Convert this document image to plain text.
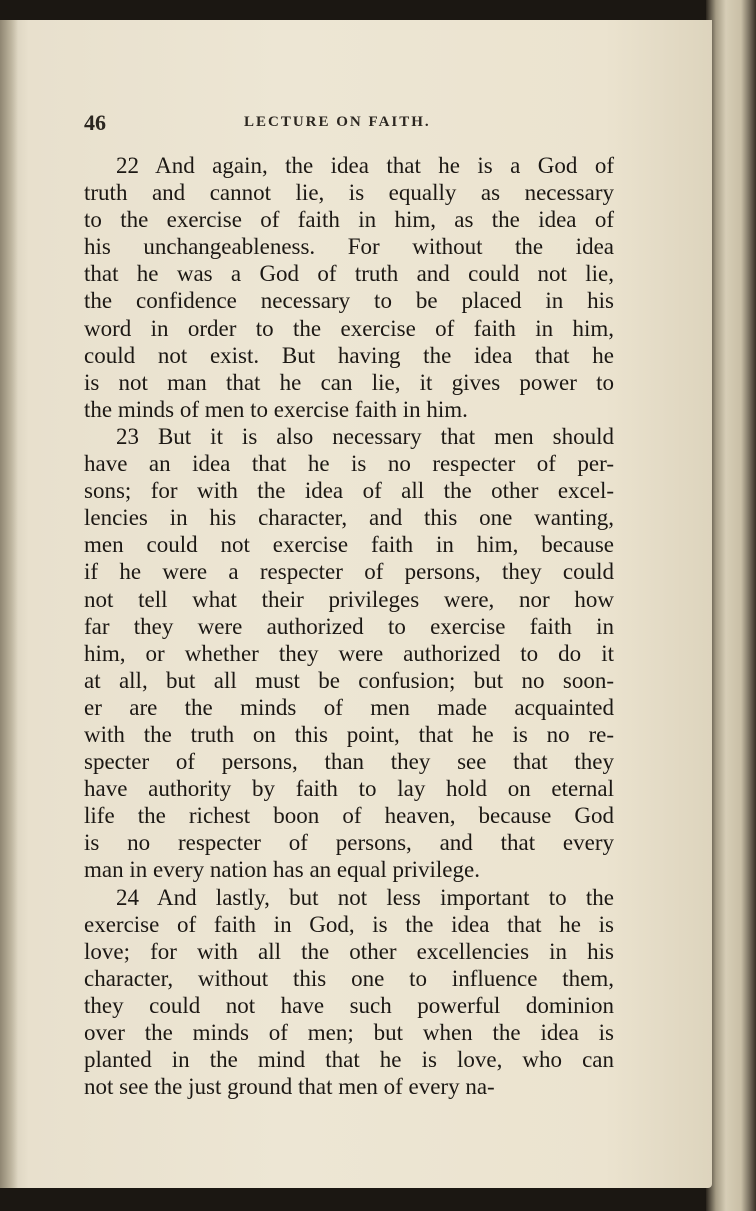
46	LECTURE ON FAITH.
22 And again, the idea that he is a God of
truth and cannot lie, is equally as necessary
to the exercise of faith in him, as the idea of
his unchangeableness. For without the idea
that he was a God of truth and could not lie,
the confidence necessary to be placed in his
word in order to the exercise of faith in him,
could not exist. But having the idea that he
is not man that he can lie, it gives power to
the minds of men to exercise faith in him.
23 But it is also necessary that men should
have an idea that he is no respecter of per-
sons; for with the idea of all the other excel-
lencies in his character, and this one wanting,
men could not exercise faith in him, because
if he were a respecter of persons, they could
not tell what their privileges were, nor how
far they were authorized to exercise faith in
him, or whether they were authorized to do it
at all, but all must be confusion; but no soon-
er are the minds of men made acquainted
with the truth on this point, that he is no re-
specter of persons, than they see that they
have authority by faith to lay hold on eternal
life the richest boon of heaven, because God
is no respecter of persons, and that every
man in every nation has an equal privilege.
24 And lastly, but not less important to the
exercise of faith in God, is the idea that he is
love; for with all the other excellencies in his
character, without this one to influence them,
they could not have such powerful dominion
over the minds of men; but when the idea is
planted in the mind that he is love, who can
not see the just ground that men of every na-
